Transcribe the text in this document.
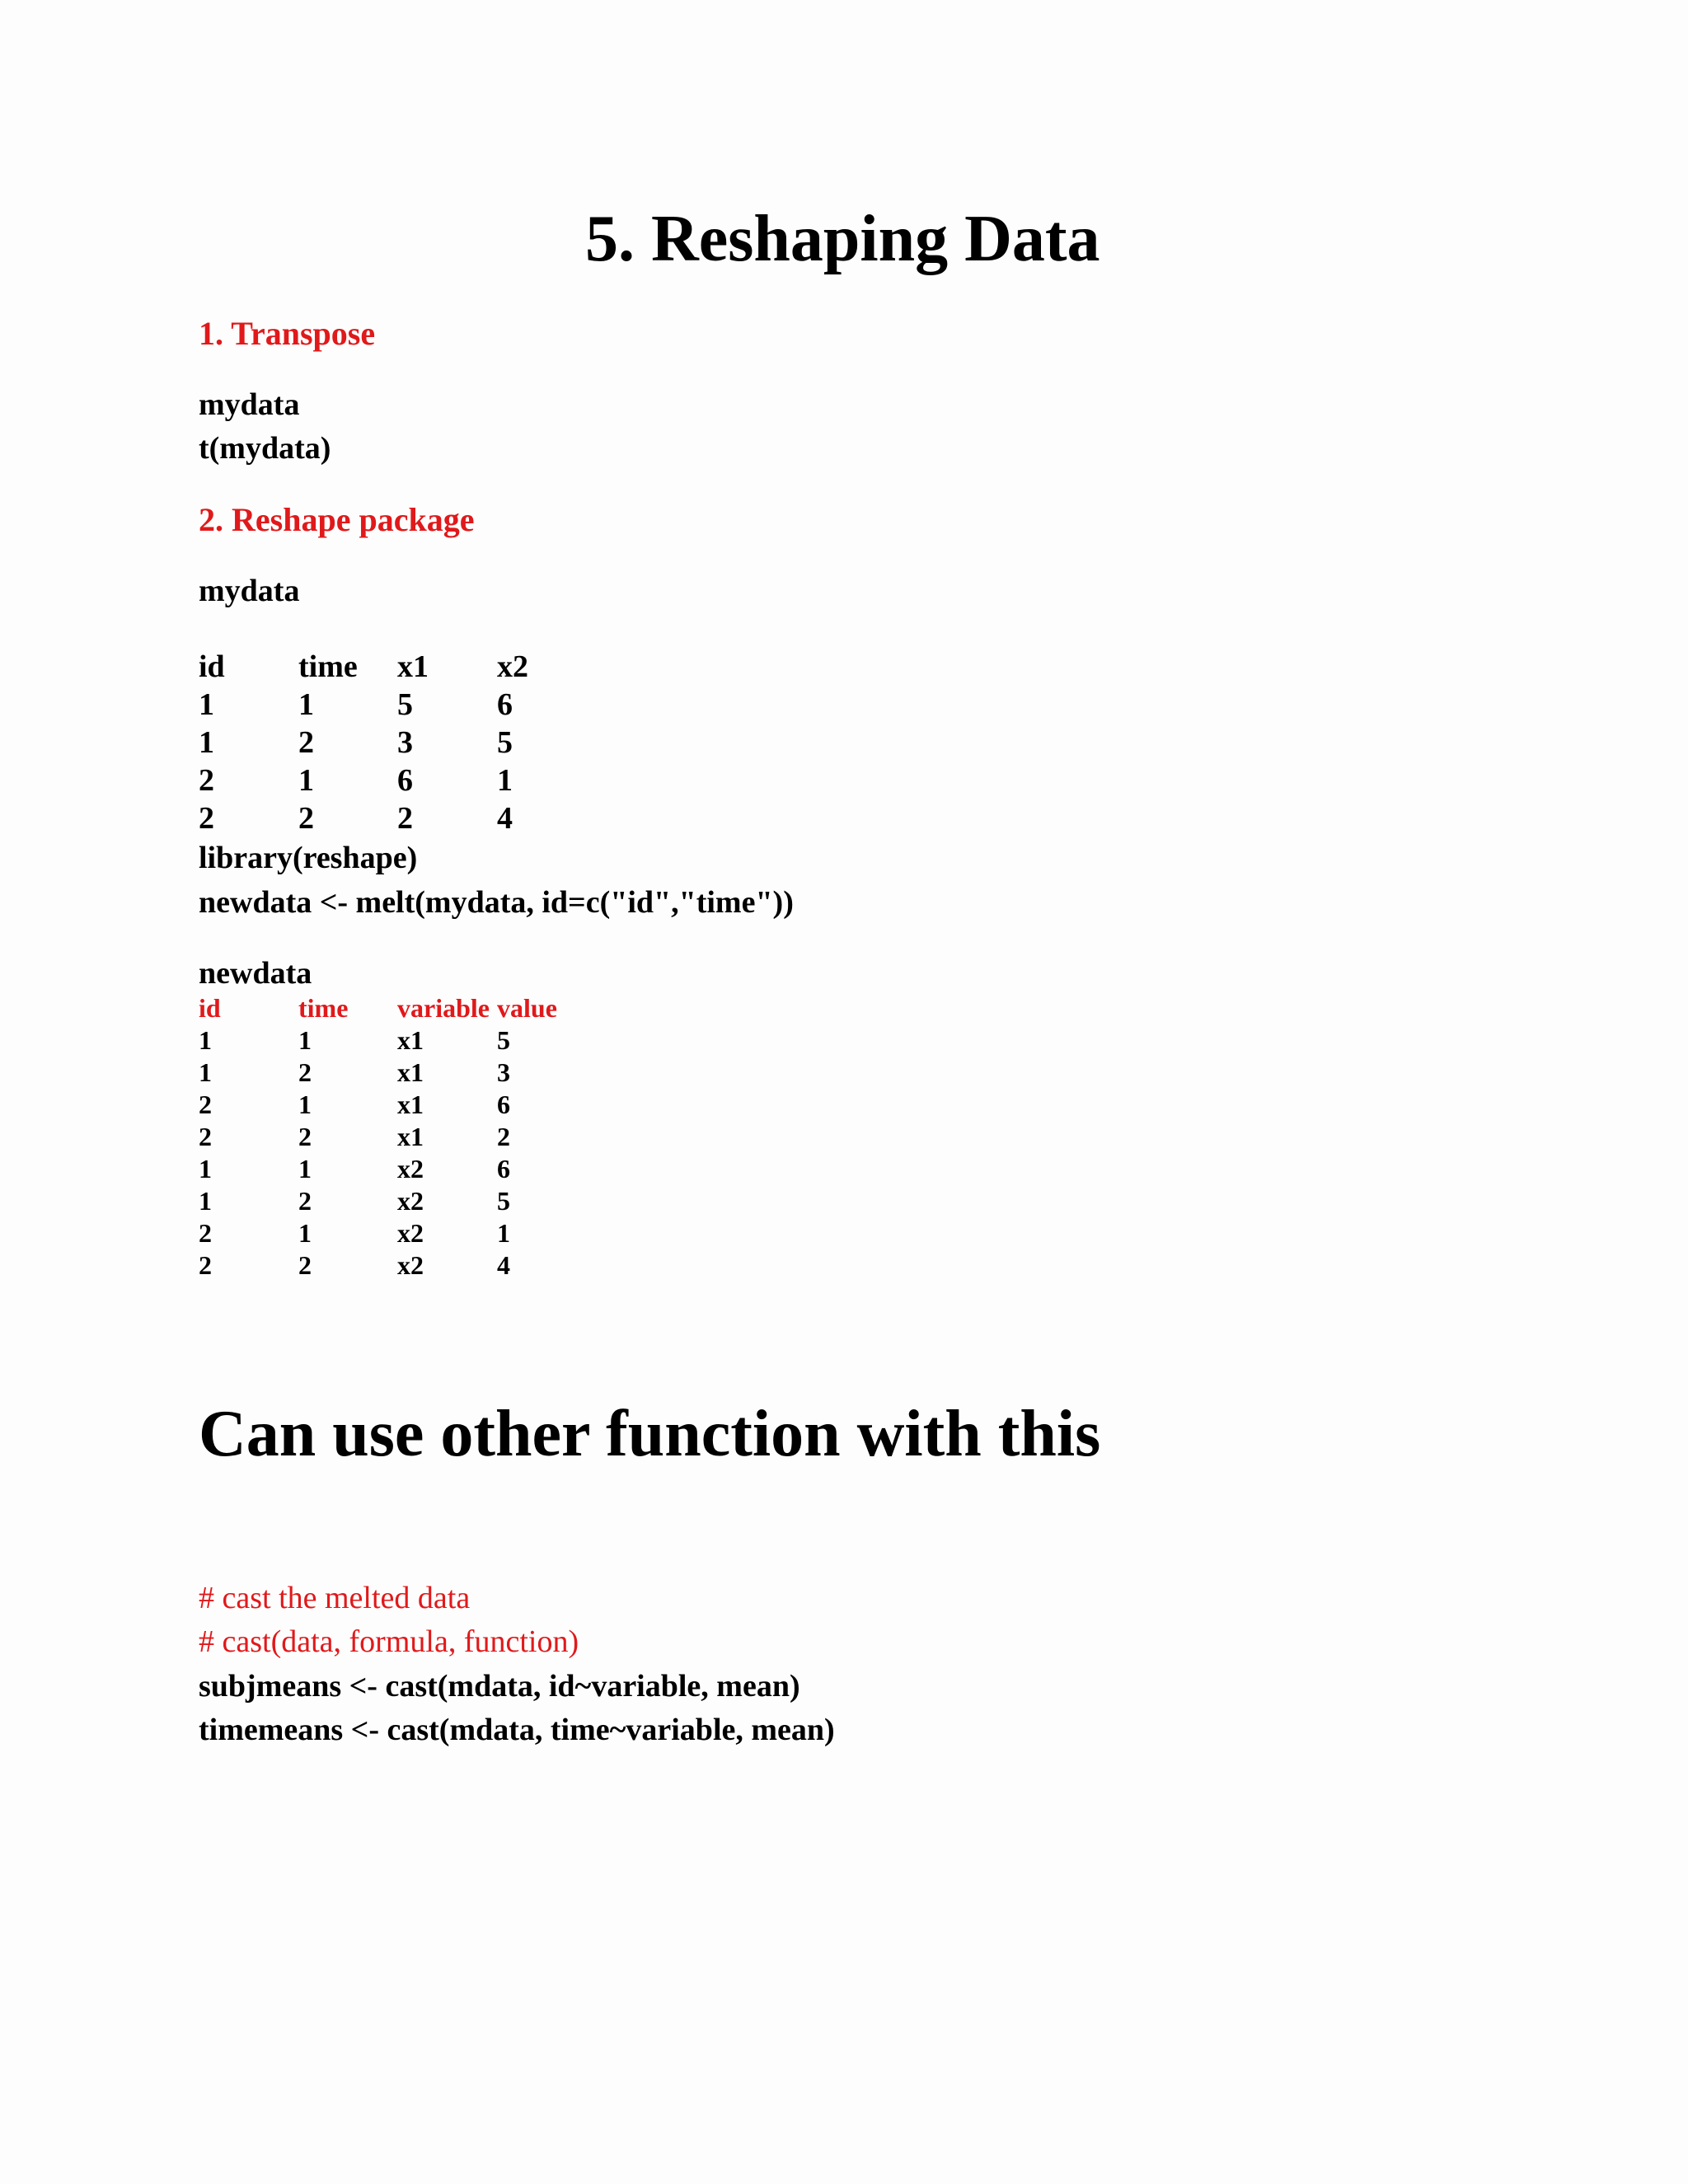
5. Reshaping Data
1. Transpose
mydata
t(mydata)
2. Reshape package
mydata
id time x1 x2
1	1	5	6
1	2	3	5
2	1	6	1
2	2	2	4
library(reshape)
newdata <- melt(mydata, id=c("id","time"))
newdata
id	time variable value
1	1	x1	5
1	2	x1	3
2	1	x1	6
2	2	x1	2
1	1	x2	6
1	2	x2	5
2	1	x2	1
2	2	x2	4
Can use other function with this
# cast the melted data
# cast(data, formula, function)
subjmeans <- cast(mdata, id~variable, mean)
timemeans <- cast(mdata, time~variable, mean)
